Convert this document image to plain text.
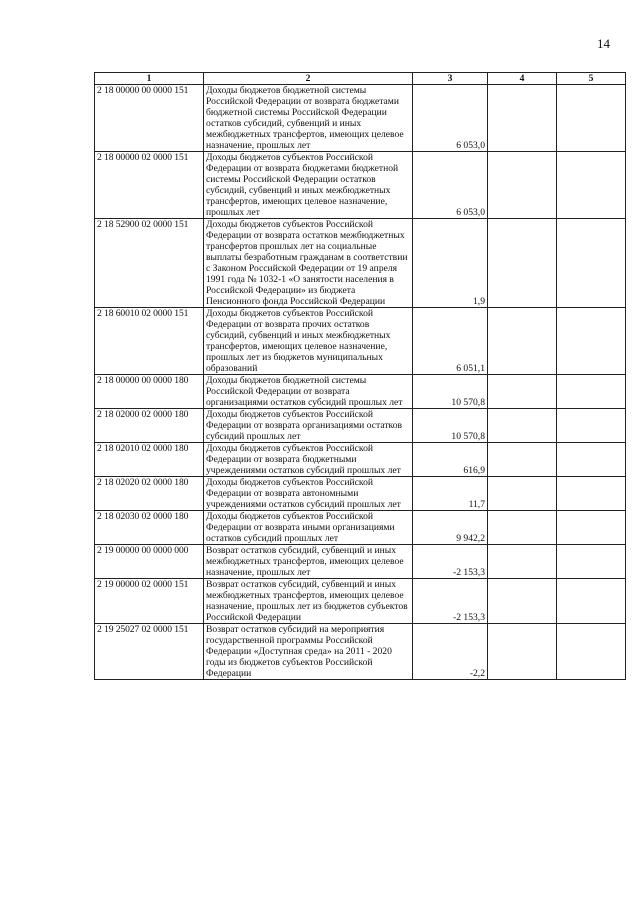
14
1	2	3	4	5
2 18 00000 00 0000 151	Доходы бюджетов бюджетной системы Российской Федерации от возврата бюджетами бюджетной системы Российской Федерации остатков субсидий, субвенций и иных межбюджетных трансфертов, имеющих целевое назначение, прошлых лет	6 053,0		
2 18 00000 02 0000 151	Доходы бюджетов субъектов Российской Федерации от возврата бюджетами бюджетной системы Российской Федерации остатков субсидий, субвенций и иных межбюджетных трансфертов, имеющих целевое назначение, прошлых лет	6 053,0		
2 18 52900 02 0000 151	Доходы бюджетов субъектов Российской Федерации от возврата остатков межбюджетных трансфертов прошлых лет на социальные выплаты безработным гражданам в соответствии с Законом Российской Федерации от 19 апреля 1991 года № 1032-1 «О занятости населения в Российской Федерации» из бюджета Пенсионного фонда Российской Федерации	1,9		
2 18 60010 02 0000 151	Доходы бюджетов субъектов Российской Федерации от возврата прочих остатков субсидий, субвенций и иных межбюджетных трансфертов, имеющих целевое назначение, прошлых лет из бюджетов муниципальных образований	6 051,1		
2 18 00000 00 0000 180	Доходы бюджетов бюджетной системы Российской Федерации от возврата организациями остатков субсидий прошлых лет	10 570,8		
2 18 02000 02 0000 180	Доходы бюджетов субъектов Российской Федерации от возврата организациями остатков субсидий прошлых лет	10 570,8		
2 18 02010 02 0000 180	Доходы бюджетов субъектов Российской Федерации от возврата бюджетными учреждениями остатков субсидий прошлых лет	616,9		
2 18 02020 02 0000 180	Доходы бюджетов субъектов Российской Федерации от возврата автономными учреждениями остатков субсидий прошлых лет	11,7		
2 18 02030 02 0000 180	Доходы бюджетов субъектов Российской Федерации от возврата иными организациями остатков субсидий прошлых лет	9 942,2		
2 19 00000 00 0000 000	Возврат остатков субсидий, субвенций и иных межбюджетных трансфертов, имеющих целевое назначение, прошлых лет	-2 153,3		
2 19 00000 02 0000 151	Возврат остатков субсидий, субвенций и иных межбюджетных трансфертов, имеющих целевое назначение, прошлых лет из бюджетов субъектов Российской Федерации	-2 153,3		
2 19 25027 02 0000 151	Возврат остатков субсидий на мероприятия государственной программы Российской Федерации «Доступная среда» на 2011 - 2020 годы из бюджетов субъектов Российской Федерации	-2,2		
